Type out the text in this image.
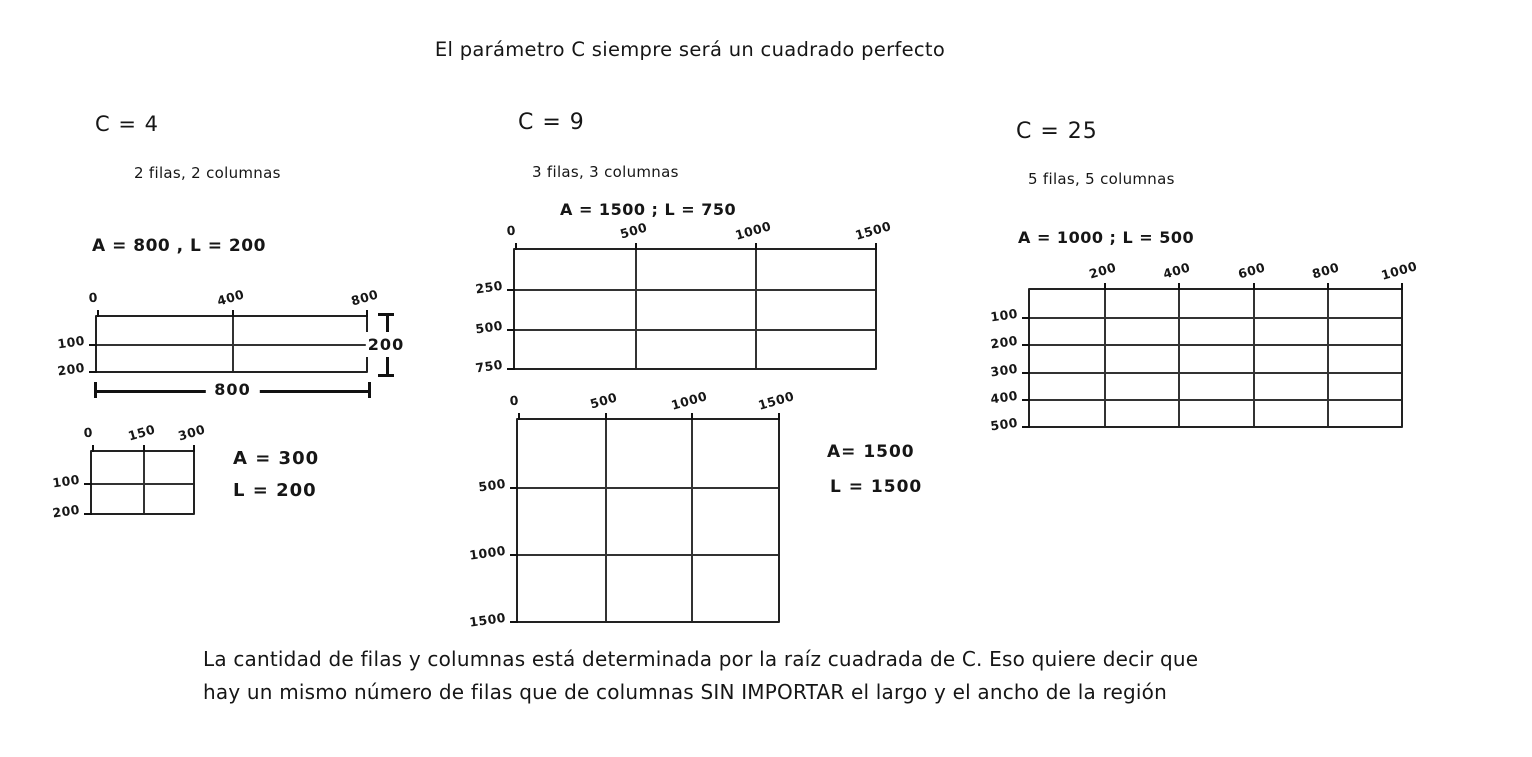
El parámetro C siempre será un cuadrado perfecto
C = 4
2 filas, 2 columnas
A = 800 , L = 200
0	400	800
100
200
0	150 300
100
200
A = 300
L = 200
C = 9
3 filas, 3 columnas
A = 1500 ; L = 750
0	500	1000	1500
250
500
750
0	500	1000	1500
500
1000
1500
A= 1500
L = 1500
C = 25
5 filas, 5 columnas
A = 1000 ; L = 500
200	400	600	800	1000
100
200
300
400
500
La cantidad de filas y columnas está determinada por la raíz cuadrada de C. Eso quiere decir que
hay un mismo número de filas que de columnas SIN IMPORTAR el largo y el ancho de la región
800
200
